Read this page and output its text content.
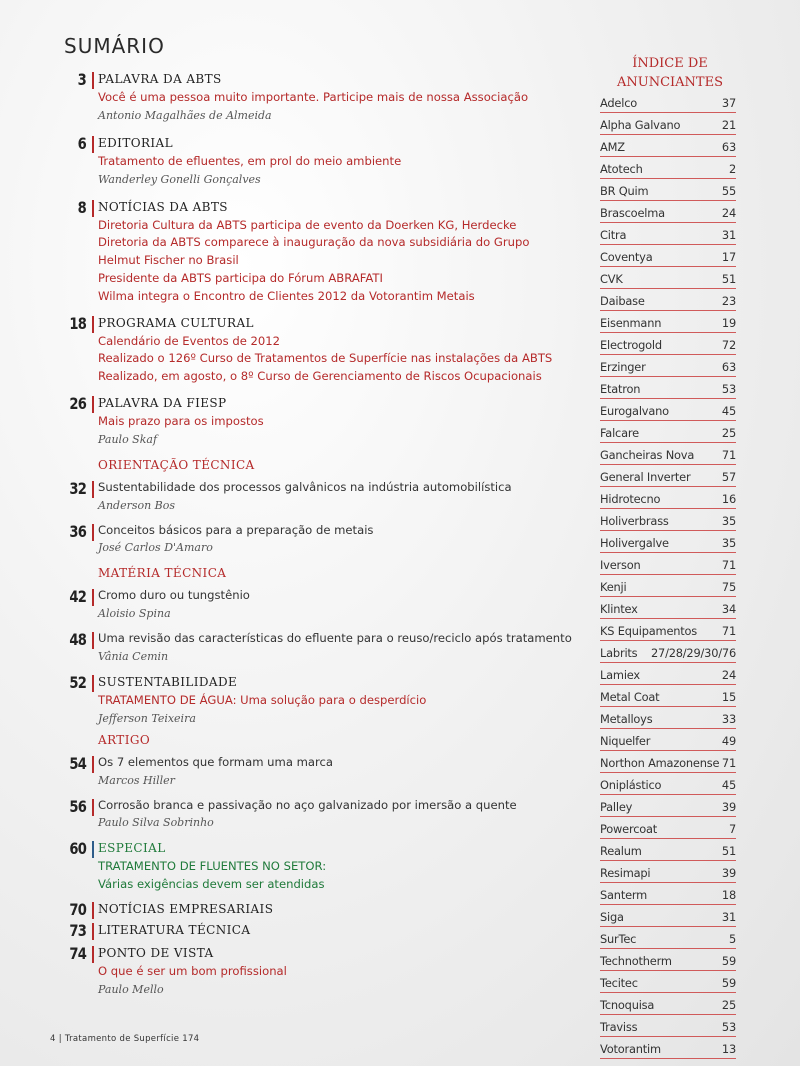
SUMÁRIO
3 PALAVRA DA ABTS
Você é uma pessoa muito importante. Participe mais de nossa Associação
Antonio Magalhães de Almeida
6 EDITORIAL
Tratamento de efluentes, em prol do meio ambiente
Wanderley Gonelli Gonçalves
8 NOTÍCIAS DA ABTS
Diretoria Cultura da ABTS participa de evento da Doerken KG, Herdecke
Diretoria da ABTS comparece à inauguração da nova subsidiária do Grupo Helmut Fischer no Brasil
Presidente da ABTS participa do Fórum ABRAFATI
Wilma integra o Encontro de Clientes 2012 da Votorantim Metais
18 PROGRAMA CULTURAL
Calendário de Eventos de 2012
Realizado o 126º Curso de Tratamentos de Superfície nas instalações da ABTS
Realizado, em agosto, o 8º Curso de Gerenciamento de Riscos Ocupacionais
26 PALAVRA DA FIESP
Mais prazo para os impostos
Paulo Skaf
ORIENTAÇÃO TÉCNICA
32 Sustentabilidade dos processos galvânicos na indústria automobilística
Anderson Bos
36 Conceitos básicos para a preparação de metais
José Carlos D'Amaro
MATÉRIA TÉCNICA
42 Cromo duro ou tungstênio
Aloisio Spina
48 Uma revisão das características do efluente para o reuso/reciclo após tratamento
Vânia Cemin
52 SUSTENTABILIDADE
TRATAMENTO DE ÁGUA: Uma solução para o desperdício
Jefferson Teixeira
ARTIGO
54 Os 7 elementos que formam uma marca
Marcos Hiller
56 Corrosão branca e passivação no aço galvanizado por imersão a quente
Paulo Silva Sobrinho
60 ESPECIAL
TRATAMENTO DE FLUENTES NO SETOR:
Várias exigências devem ser atendidas
70 NOTÍCIAS EMPRESARIAIS
73 LITERATURA TÉCNICA
74 PONTO DE VISTA
O que é ser um bom profissional
Paulo Mello
ÍNDICE DE ANUNCIANTES
Adelco	37
Alpha Galvano	21
AMZ	63
Atotech	2
BR Quim	55
Brascoelma	24
Citra	31
Coventya	17
CVK	51
Daibase	23
Eisenmann	19
Electrogold	72
Erzinger	63
Etatron	53
Eurogalvano	45
Falcare	25
Gancheiras Nova 71
General Inverter	57
Hidrotecno	16
Holiverbrass	35
Holivergalve	35
Iverson	71
Kenji	75
Klintex	34
KS Equipamentos 71
Labrits 27/28/29/30/76
Lamiex	24
Metal Coat	15
Metalloys	33
Niquelfer	49
Northon Amazonense 71
Oniplástico	45
Palley	39
Powercoat	7
Realum	51
Resimapi	39
Santerm	18
Siga	31
SurTec	5
Technotherm	59
Tecitec	59
Tcnoquisa	25
Traviss	53
Votorantim	13
4 | Tratamento de Superfície 174
